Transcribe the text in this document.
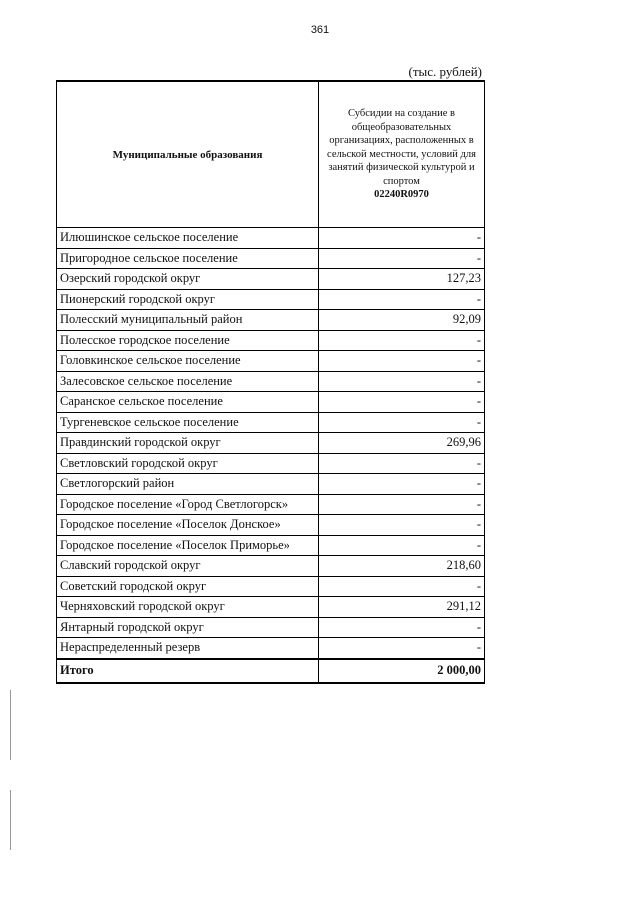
361
(тыс. рублей)
Муниципальные образования	Субсидии на создание в общеобразовательных организациях, расположенных в сельской местности, условий для занятий физической культурой и спортом
02240R0970

Илюшинское сельское поселение	-
Пригородное сельское поселение	-
Озерский городской округ	127,23
Пионерский городской округ	-
Полесский муниципальный район	92,09
Полесское городское поселение	-
Головкинское сельское поселение	-
Залесовское сельское поселение	-
Саранское сельское поселение	-
Тургеневское сельское поселение	-
Правдинский городской округ	269,96
Светловский городской округ	-
Светлогорский район	-
Городское поселение «Город Светлогорск»	-
Городское поселение «Поселок Донское»	-
Городское поселение «Поселок Приморье»	-
Славский городской округ	218,60
Советский городской округ	-
Черняховский городской округ	291,12
Янтарный городской округ	-
Нераспределенный резерв	-
Итого	2 000,00
